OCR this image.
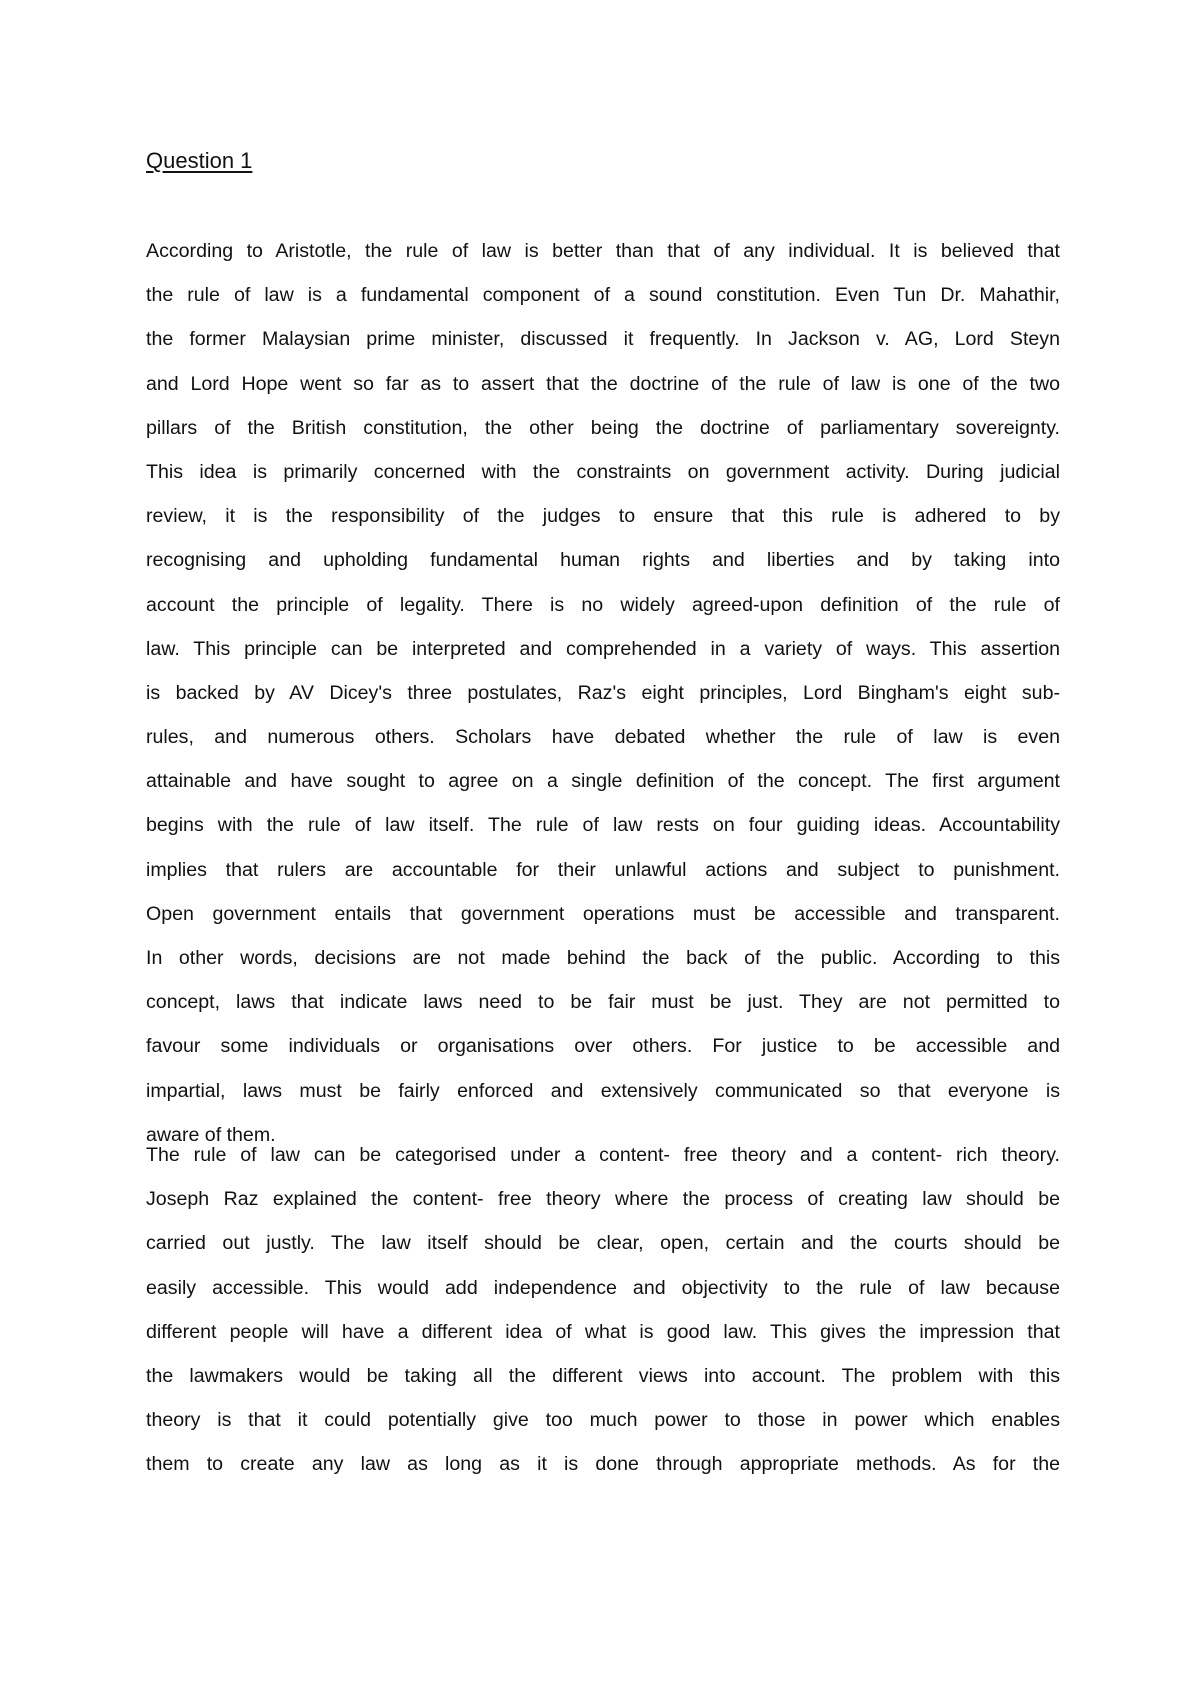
Question 1
According to Aristotle, the rule of law is better than that of any individual. It is believed that
the rule of law is a fundamental component of a sound constitution. Even Tun Dr. Mahathir,
the former Malaysian prime minister, discussed it frequently. In Jackson v. AG, Lord Steyn
and Lord Hope went so far as to assert that the doctrine of the rule of law is one of the two
pillars of the British constitution, the other being the doctrine of parliamentary sovereignty.
This idea is primarily concerned with the constraints on government activity. During judicial
review, it is the responsibility of the judges to ensure that this rule is adhered to by
recognising and upholding fundamental human rights and liberties and by taking into
account the principle of legality. There is no widely agreed-upon definition of the rule of
law. This principle can be interpreted and comprehended in a variety of ways. This assertion
is backed by AV Dicey's three postulates, Raz's eight principles, Lord Bingham's eight sub-
rules, and numerous others. Scholars have debated whether the rule of law is even
attainable and have sought to agree on a single definition of the concept. The first argument
begins with the rule of law itself. The rule of law rests on four guiding ideas. Accountability
implies that rulers are accountable for their unlawful actions and subject to punishment.
Open government entails that government operations must be accessible and transparent.
In other words, decisions are not made behind the back of the public. According to this
concept, laws that indicate laws need to be fair must be just. They are not permitted to
favour some individuals or organisations over others. For justice to be accessible and
impartial, laws must be fairly enforced and extensively communicated so that everyone is
aware of them.
The rule of law can be categorised under a content- free theory and a content- rich theory.
Joseph Raz explained the content- free theory where the process of creating law should be
carried out justly. The law itself should be clear, open, certain and the courts should be
easily accessible. This would add independence and objectivity to the rule of law because
different people will have a different idea of what is good law. This gives the impression that
the lawmakers would be taking all the different views into account. The problem with this
theory is that it could potentially give too much power to those in power which enables
them to create any law as long as it is done through appropriate methods. As for the
